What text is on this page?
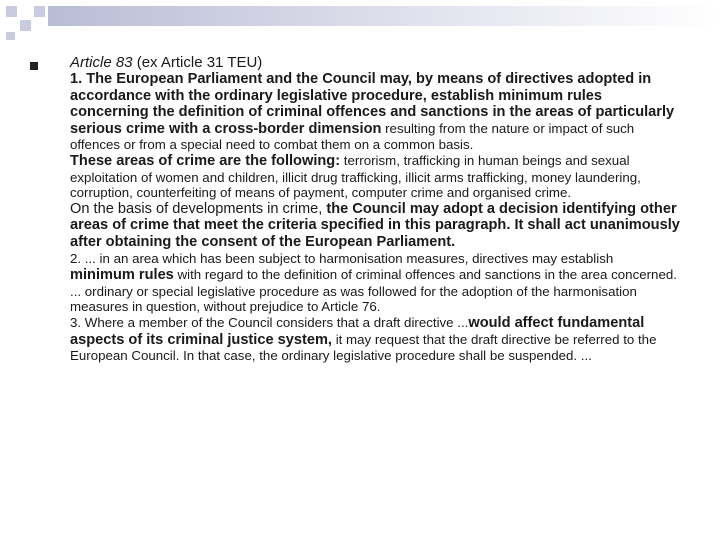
Article 83 (ex Article 31 TEU)

1. The European Parliament and the Council may, by means of directives adopted in accordance with the ordinary legislative procedure, establish minimum rules concerning the definition of criminal offences and sanctions in the areas of particularly serious crime with a cross-border dimension resulting from the nature or impact of such offences or from a special need to combat them on a common basis.

These areas of crime are the following: terrorism, trafficking in human beings and sexual exploitation of women and children, illicit drug trafficking, illicit arms trafficking, money laundering, corruption, counterfeiting of means of payment, computer crime and organised crime.

On the basis of developments in crime, the Council may adopt a decision identifying other areas of crime that meet the criteria specified in this paragraph. It shall act unanimously after obtaining the consent of the European Parliament.

2. ... in an area which has been subject to harmonisation measures, directives may establish minimum rules with regard to the definition of criminal offences and sanctions in the area concerned. ... ordinary or special legislative procedure as was followed for the adoption of the harmonisation measures in question, without prejudice to Article 76.

3. Where a member of the Council considers that a draft directive ...would affect fundamental aspects of its criminal justice system, it may request that the draft directive be referred to the European Council. In that case, the ordinary legislative procedure shall be suspended. ...
